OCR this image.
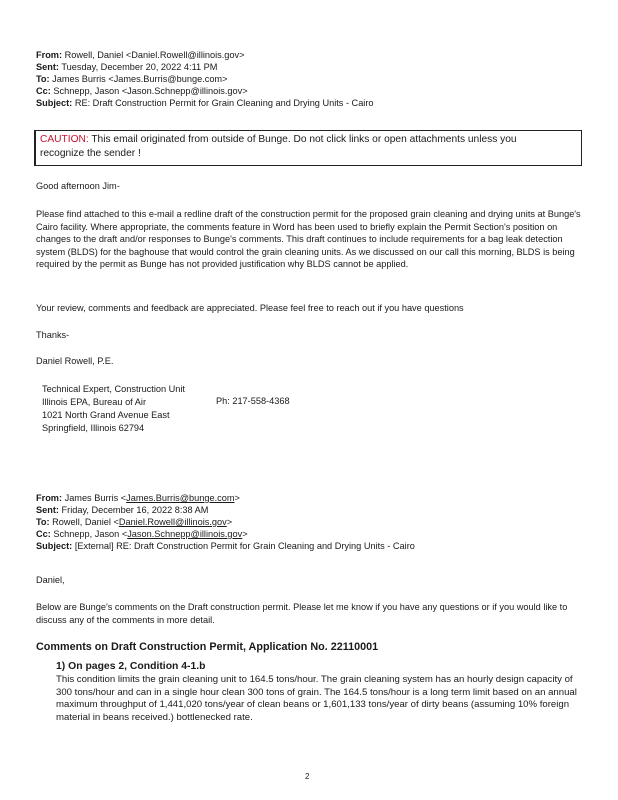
From: Rowell, Daniel <Daniel.Rowell@illinois.gov>
Sent: Tuesday, December 20, 2022 4:11 PM
To: James Burris <James.Burris@bunge.com>
Cc: Schnepp, Jason <Jason.Schnepp@illinois.gov>
Subject: RE: Draft Construction Permit for Grain Cleaning and Drying Units - Cairo
CAUTION: This email originated from outside of Bunge. Do not click links or open attachments unless you
recognize the sender !
Good afternoon Jim-
Please find attached to this e-mail a redline draft of the construction permit for the proposed grain cleaning and drying units at Bunge's Cairo facility. Where appropriate, the comments feature in Word has been used to briefly explain the Permit Section's position on changes to the draft and/or responses to Bunge's comments. This draft continues to include requirements for a bag leak detection system (BLDS) for the baghouse that would control the grain cleaning units. As we discussed on our call this morning, BLDS is being required by the permit as Bunge has not provided justification why BLDS cannot be applied.
Your review, comments and feedback are appreciated. Please feel free to reach out if you have questions
Thanks-
Daniel Rowell, P.E.
Technical Expert, Construction Unit
Illinois EPA, Bureau of Air	Ph: 217-558-4368
1021 North Grand Avenue East
Springfield, Illinois 62794
From: James Burris <James.Burris@bunge.com>
Sent: Friday, December 16, 2022 8:38 AM
To: Rowell, Daniel <Daniel.Rowell@illinois.gov>
Cc: Schnepp, Jason <Jason.Schnepp@illinois.gov>
Subject: [External] RE: Draft Construction Permit for Grain Cleaning and Drying Units - Cairo
Daniel,
Below are Bunge's comments on the Draft construction permit. Please let me know if you have any questions or if you would like to discuss any of the comments in more detail.
Comments on Draft Construction Permit, Application No. 22110001
1) On pages 2, Condition 4-1.b
This condition limits the grain cleaning unit to 164.5 tons/hour. The grain cleaning system has an hourly design capacity of 300 tons/hour and can in a single hour clean 300 tons of grain. The 164.5 tons/hour is a long term limit based on an annual maximum throughput of 1,441,020 tons/year of clean beans or 1,601,133 tons/year of dirty beans (assuming 10% foreign material in beans received.) bottlenecked rate.
2
